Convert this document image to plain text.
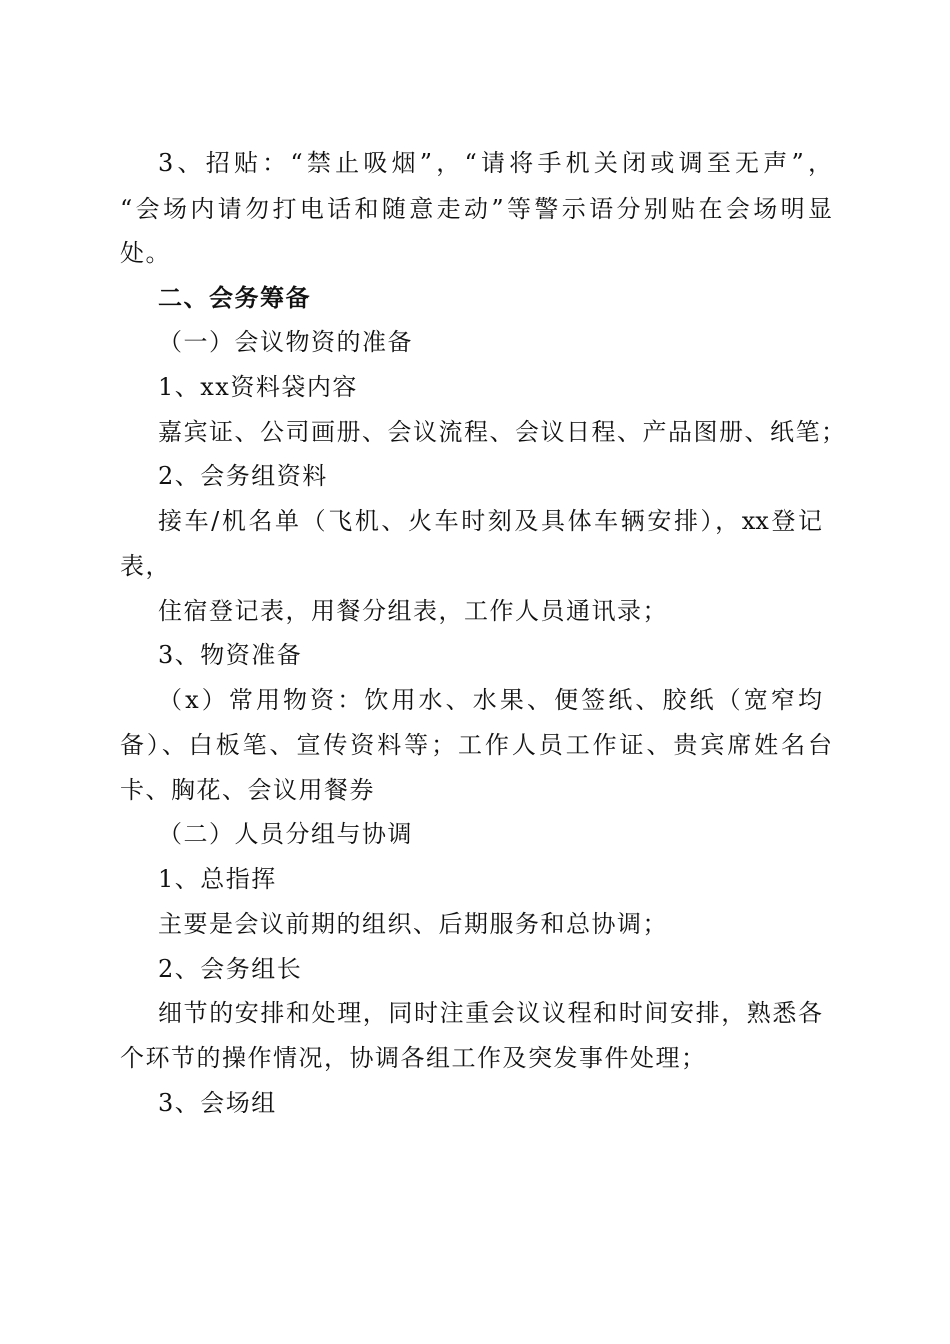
3、招贴：“禁止吸烟”，“请将手机关闭或调至无声”，

“会场内请勿打电话和随意走动”等警示语分别贴在会场明显

处。

二、会务筹备

（一）会议物资的准备

1、xx资料袋内容

嘉宾证、公司画册、会议流程、会议日程、产品图册、纸笔；

2、会务组资料

接车/机名单（飞机、火车时刻及具体车辆安排），xx登记

表，

住宿登记表，用餐分组表，工作人员通讯录；

3、物资准备

（x）常用物资：饮用水、水果、便签纸、胶纸（宽窄均

备）、白板笔、宣传资料等；工作人员工作证、贵宾席姓名台

卡、胸花、会议用餐券

（二）人员分组与协调

1、总指挥

主要是会议前期的组织、后期服务和总协调；

2、会务组长

细节的安排和处理，同时注重会议议程和时间安排，熟悉各

个环节的操作情况，协调各组工作及突发事件处理；

3、会场组
